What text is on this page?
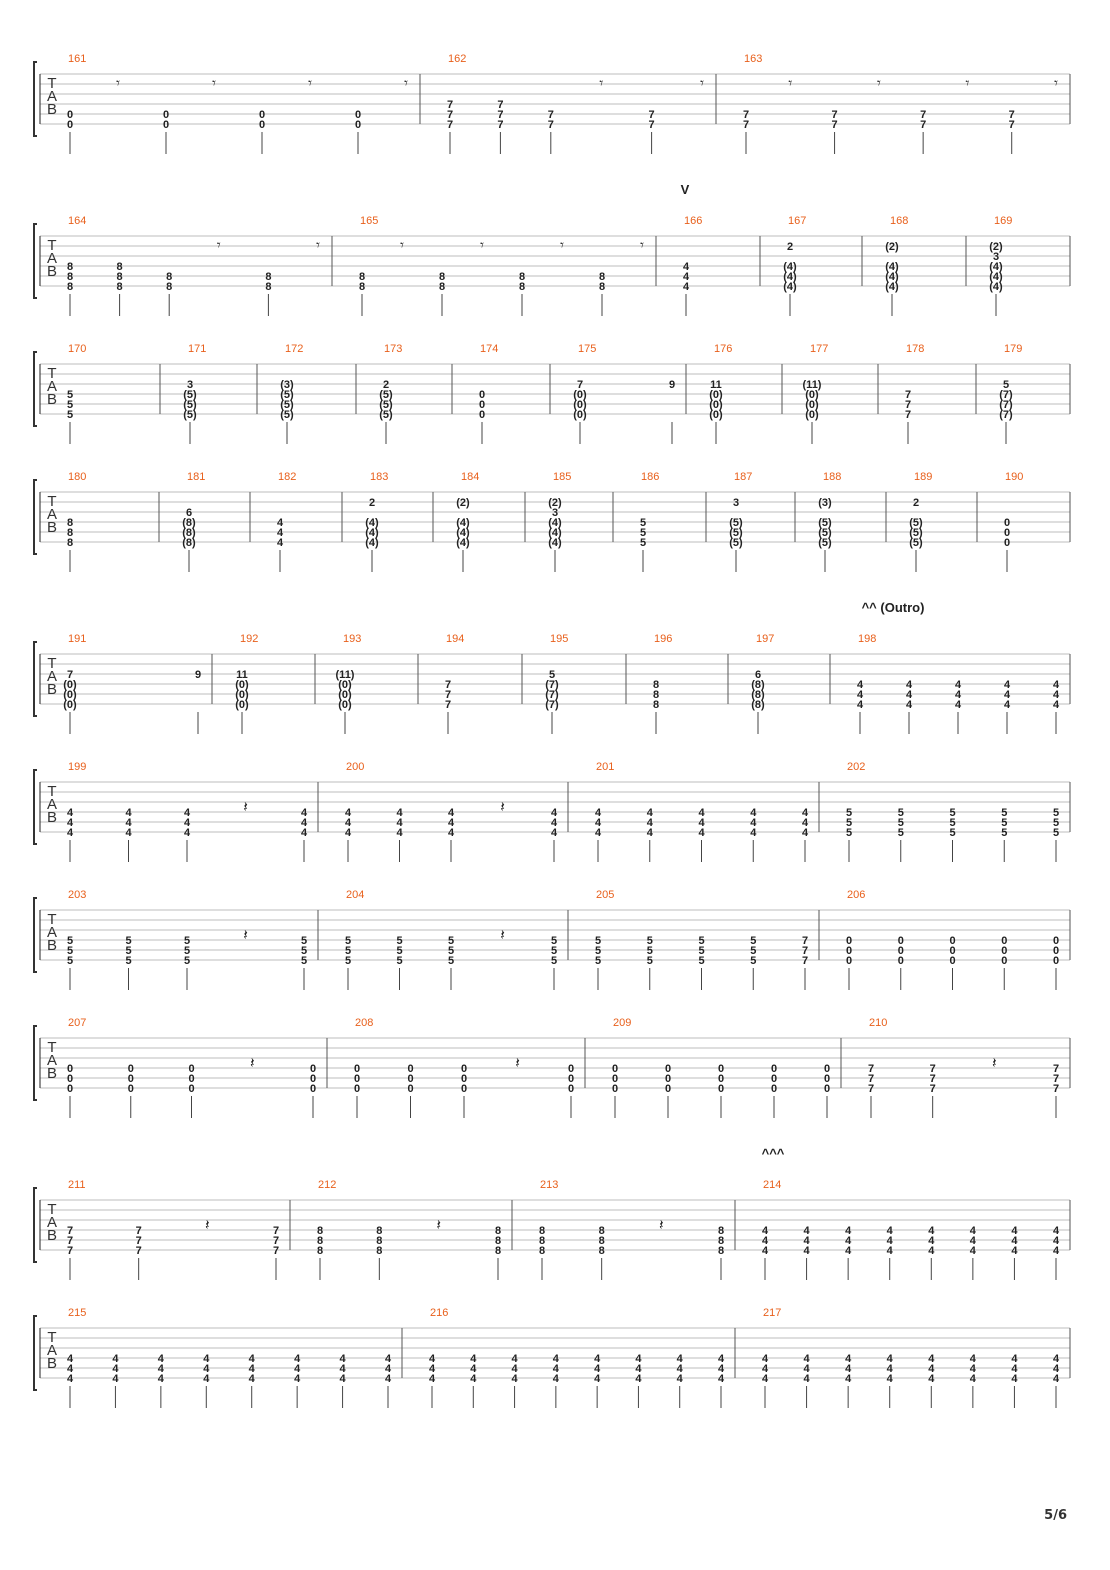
T
A
B
161
0
0
𝄾
0
0
𝄾
0
0
𝄾
0
0
𝄾
162
7
7
7
7
7
7
7
7
𝄾
7
7
𝄾
163
7
7
𝄾
7
7
𝄾
7
7
𝄾
7
7
𝄾
T
A
B
V
164
8
8
8
8
8
8
8
8
𝄾
8
8
𝄾
165
8
8
𝄾
8
8
𝄾
8
8
𝄾
8
8
𝄾
166
4
4
4
167
2
(4)
(4)
(4)
168
(2)
(4)
(4)
(4)
169
(2)
3
(4)
(4)
(4)
T
A
B
170
5
5
5
171
3
(5)
(5)
(5)
172
(3)
(5)
(5)
(5)
173
2
(5)
(5)
(5)
174
0
0
0
175
7
(0)
(0)
(0)
9
176
11
(0)
(0)
(0)
177
(11)
(0)
(0)
(0)
178
7
7
7
179
5
(7)
(7)
(7)
T
A
B
180
8
8
8
181
6
(8)
(8)
(8)
182
4
4
4
183
2
(4)
(4)
(4)
184
(2)
(4)
(4)
(4)
185
(2)
3
(4)
(4)
(4)
186
5
5
5
187
3
(5)
(5)
(5)
188
(3)
(5)
(5)
(5)
189
2
(5)
(5)
(5)
190
0
0
0
T
A
B
^^ (Outro)
191
7
(0)
(0)
(0)
9
192
11
(0)
(0)
(0)
193
(11)
(0)
(0)
(0)
194
7
7
7
195
5
(7)
(7)
(7)
196
8
8
8
197
6
(8)
(8)
(8)
198
4
4
4
4
4
4
4
4
4
4
4
4
4
4
4
T
A
B
199
4
4
4
4
4
4
4
4
4
𝄽	4
4
4
200
4
4
4
4
4
4
4
4
4
𝄽	4
4
4
201
4
4
4
4
4
4
4
4
4
4
4
4
4
4
4
202
5
5
5
5
5
5
5
5
5
5
5
5
5
5
5
T
A
B
203
5
5
5
5
5
5
5
5
5
𝄽	5
5
5
204
5
5
5
5
5
5
5
5
5
𝄽	5
5
5
205
5
5
5
5
5
5
5
5
5
5
5
5
7
7
7
206
0
0
0
0
0
0
0
0
0
0
0
0
0
0
0
T
A
B
207
0
0
0
0
0
0
0
0
0
𝄽	0
0
0
208
0
0
0
0
0
0
0
0
0
𝄽	0
0
0
209
0
0
0
0
0
0
0
0
0
0
0
0
0
0
0
210
7
7
7
7
7
7
𝄽	7
7
7
T
A
B
^^^
211
7
7
7
7
7
7
𝄽	7
7
7
212
8
8
8
8
8
8
𝄽	8
8
8
213
8
8
8
8
8
8
𝄽	8
8
8
214
4
4
4
4
4
4
4
4
4
4
4
4
4
4
4
4
4
4
4
4
4
4
4
4
T
A
B
215
4
4
4
4
4
4
4
4
4
4
4
4
4
4
4
4
4
4
4
4
4
4
4
4
216
4
4
4
4
4
4
4
4
4
4
4
4
4
4
4
4
4
4
4
4
4
4
4
4
217
4
4
4
4
4
4
4
4
4
4
4
4
4
4
4
4
4
4
4
4
4
4
4
4
5/6
